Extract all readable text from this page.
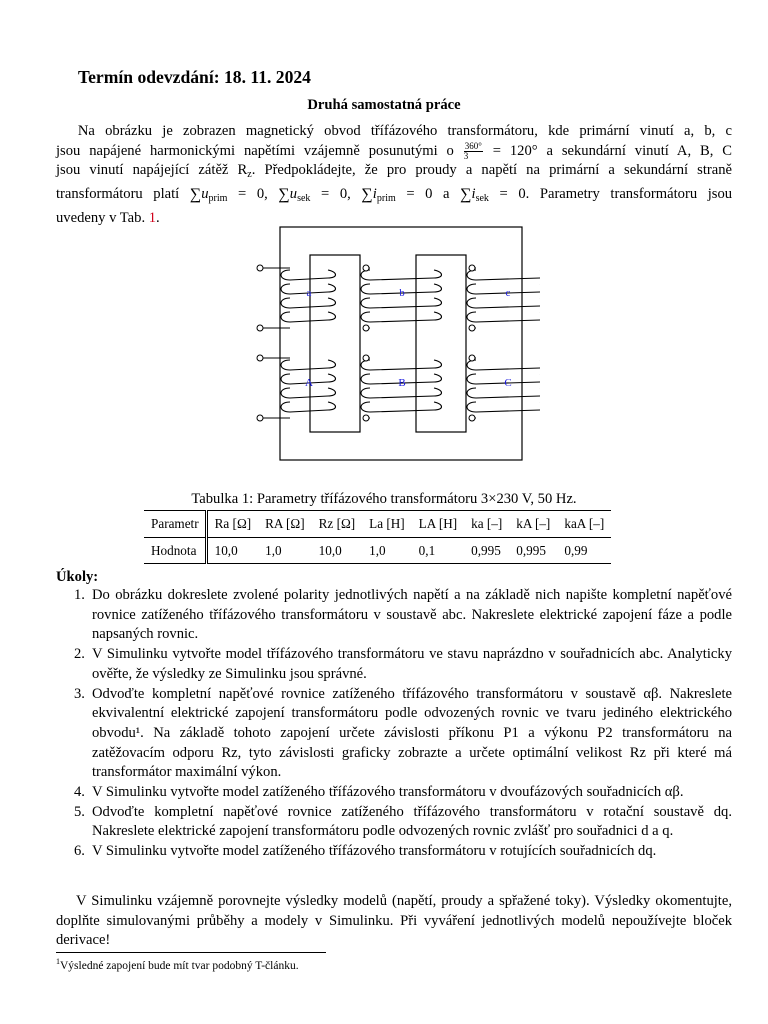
Termín odevzdání: 18. 11. 2024
Druhá samostatná práce
  Na obrázku je zobrazen magnetický obvod třífázového transformátoru, kde primární vinutí a, b, c
jsou napájené harmonickými napětími vzájemně posunutými o $\frac{360^\circ}{3} = 120^\circ$ a sekundární vinutí A, B, C
jsou vinutí napájející zátěž $R_z$. Předpokládejte, že pro proudy a napětí na primární a sekundární straně
transformátoru platí $\sum u_{prim} = 0$, $\sum u_{sek} = 0$, $\sum i_{prim} = 0$ a $\sum i_{sek} = 0$. Parametry transformátoru jsou
uvedeny v Tab. 1.
a
A
b
B
c
C
Tabulka 1: Parametry třífázového transformátoru 3×230 V, 50 Hz.
Parametr	Ra [Ω]	RA [Ω]	Rz [Ω]	La [H]	LA [H]	ka [–]	kA [–]	kaA [–]
Hodnota	10,0	1,0	10,0	1,0	0,1	0,995	0,995	0,99
Úkoly:
1. Do obrázku dokreslete zvolené polarity jednotlivých napětí a na základě nich napište kompletní napěťové rovnice zatíženého třífázového transformátoru v soustavě abc. Nakreslete elektrické zapojení fáze a podle napsaných rovnic.
2. V Simulinku vytvořte model třífázového transformátoru ve stavu naprázdno v souřadnicích abc. Analyticky ověřte, že výsledky ze Simulinku jsou správné.
3. Odvoďte kompletní napěťové rovnice zatíženého třífázového transformátoru v soustavě αβ. Nakreslete ekvivalentní elektrické zapojení transformátoru podle odvozených rovnic ve tvaru jediného elektrického obvodu¹. Na základě tohoto zapojení určete závislosti příkonu P1 a výkonu P2 transformátoru na zatěžovacím odporu Rz, tyto závislosti graficky zobrazte a určete optimální velikost Rz při které má transformátor maximální výkon.
4. V Simulinku vytvořte model zatíženého třífázového transformátoru v dvoufázových souřadnicích αβ.
5. Odvoďte kompletní napěťové rovnice zatíženého třífázového transformátoru v rotační soustavě dq. Nakreslete elektrické zapojení transformátoru podle odvozených rovnic zvlášť pro souřadnici d a q.
6. V Simulinku vytvořte model zatíženého třífázového transformátoru v rotujících souřadnicích dq.
V Simulinku vzájemně porovnejte výsledky modelů (napětí, proudy a spřažené toky). Výsledky okomentujte, doplňte simulovanými průběhy a modely v Simulinku. Při vyváření jednotlivých modelů nepoužívejte bloček derivace!
$^1$Výsledné zapojení bude mít tvar podobný T-článku.
